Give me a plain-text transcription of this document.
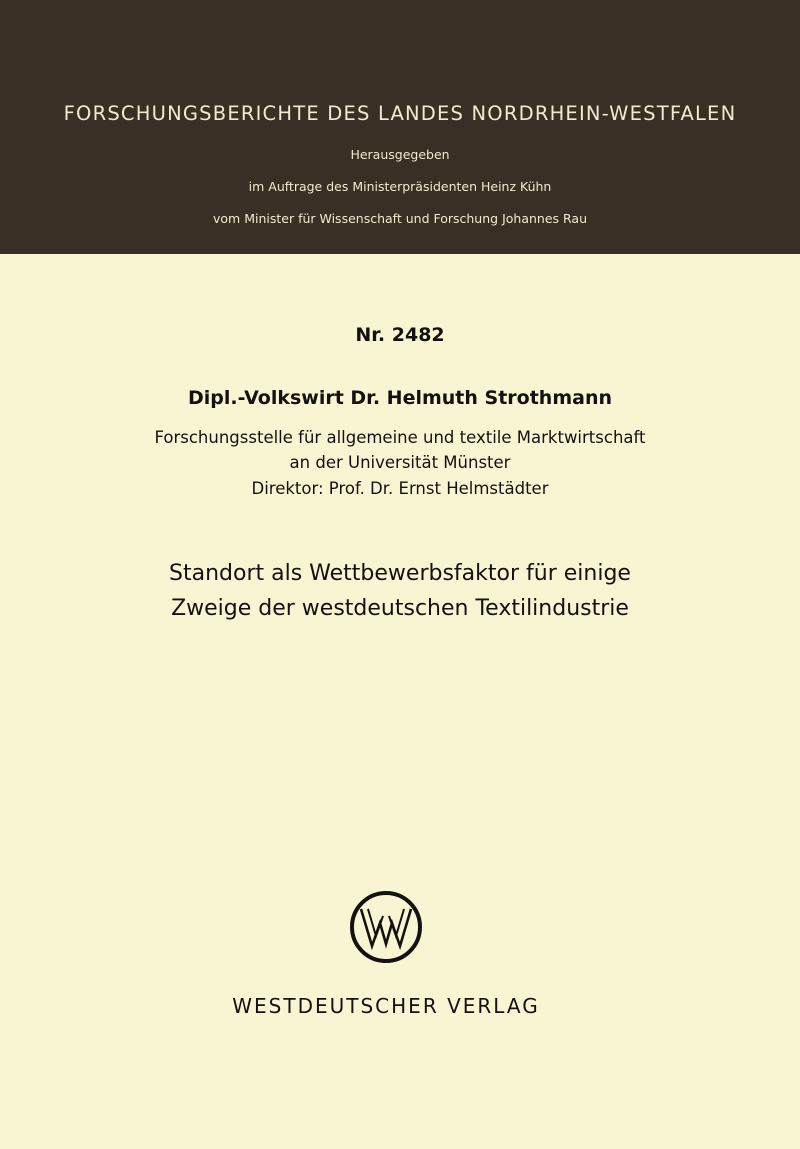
FORSCHUNGSBERICHTE DES LANDES NORDRHEIN-WESTFALEN
Herausgegeben
im Auftrage des Ministerpräsidenten Heinz Kühn
vom Minister für Wissenschaft und Forschung Johannes Rau
Nr. 2482
Dipl.-Volkswirt Dr. Helmuth Strothmann
Forschungsstelle für allgemeine und textile Marktwirtschaft
an der Universität Münster
Direktor: Prof. Dr. Ernst Helmstädter
Standort als Wettbewerbsfaktor für einige
Zweige der westdeutschen Textilindustrie
WESTDEUTSCHER VERLAG
